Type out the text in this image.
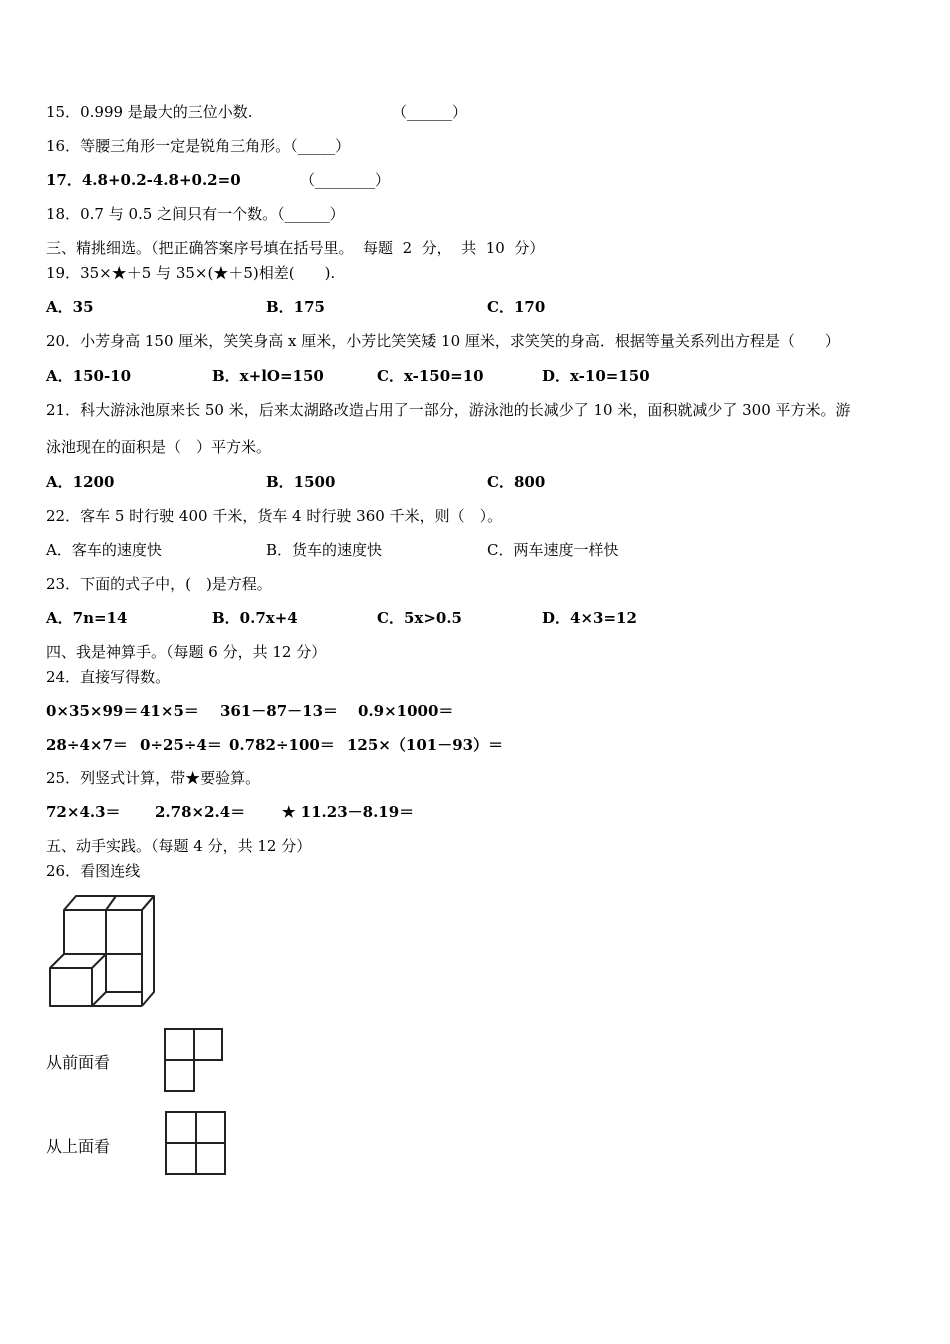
15．0.999 是最大的三位小数.	（______）
16．等腰三角形一定是锐角三角形。（_____）
17．4.8+0.2-4.8+0.2=0	（________）
18．0.7 与 0.5 之间只有一个数。（______）
三、精挑细选。（把正确答案序号填在括号里。  每题  2  分，  共  10  分）
19．35×★＋5 与 35×(★＋5)相差(　　).
A．35	B．175	C．170
20．小芳身高 150 厘米，笑笑身高 x 厘米，小芳比笑笑矮 10 厘米，求笑笑的身高．根据等量关系列出方程是（　　）
A．150-10	B．x+lO=150	C．x-150=10	D．x-10=150
21．科大游泳池原来长 50 米，后来太湖路改造占用了一部分，游泳池的长减少了 10 米，面积就减少了 300 平方米。游
泳池现在的面积是（　）平方米。
A．1200	B．1500	C．800
22．客车 5 时行驶 400 千米，货车 4 时行驶 360 千米，则（　）。
A．客车的速度快	B．货车的速度快	C．两车速度一样快
23．下面的式子中，(　)是方程。
A．7n=14	B．0.7x+4	C．5x>0.5	D．4×3=12
四、我是神算手。（每题 6 分，共 12 分）
24．直接写得数。
0×35×99＝ 41×5＝ 361－87－13＝ 0.9×1000＝
28÷4×7＝ 0÷25÷4＝ 0.782÷100＝ 125×（101－93）＝
25．列竖式计算，带★要验算。
72×4.3＝ 2.78×2.4＝ ★ 11.23－8.19＝
五、动手实践。（每题 4 分，共 12 分）
26．看图连线
从前面看
从上面看
